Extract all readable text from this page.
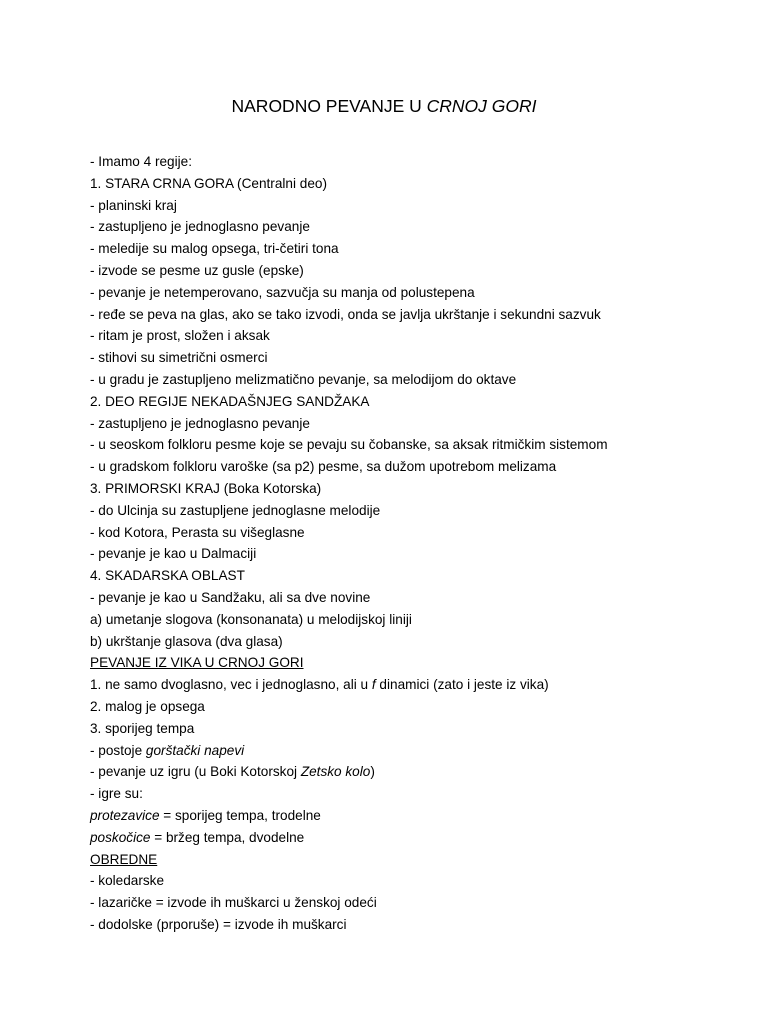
NARODNO PEVANJE U CRNOJ GORI
- Imamo 4 regije:
1. STARA CRNA GORA (Centralni deo)
- planinski kraj
- zastupljeno je jednoglasno pevanje
- meledije su malog opsega, tri-četiri tona
- izvode se pesme uz gusle (epske)
- pevanje je netemperovano, sazvučja su manja od polustepena
- ređe se peva na glas, ako se tako izvodi, onda se javlja ukrštanje i sekundni sazvuk
- ritam je prost, složen i aksak
- stihovi su simetrični osmerci
- u gradu je zastupljeno melizmatično pevanje, sa melodijom do oktave
2. DEO REGIJE NEKADAŠNJEG SANDŽAKA
- zastupljeno je jednoglasno pevanje
- u seoskom folkloru pesme koje se pevaju su čobanske, sa aksak ritmičkim sistemom
- u gradskom folkloru varoške (sa p2) pesme, sa dužom upotrebom melizama
3. PRIMORSKI KRAJ (Boka Kotorska)
- do Ulcinja su zastupljene jednoglasne melodije
- kod Kotora, Perasta su višeglasne
- pevanje je kao u Dalmaciji
4. SKADARSKA OBLAST
- pevanje je kao u Sandžaku, ali sa dve novine
a) umetanje slogova (konsonanata) u melodijskoj liniji
b) ukrštanje glasova (dva glasa)
PEVANJE IZ VIKA U CRNOJ GORI
1. ne samo dvoglasno, vec i jednoglasno, ali u f dinamici (zato i jeste iz vika)
2. malog je opsega
3. sporijeg tempa
- postoje gorštački napevi
- pevanje uz igru (u Boki Kotorskoj Zetsko kolo)
- igre su:
protezavice = sporijeg tempa, trodelne
poskočice = bržeg tempa, dvodelne
OBREDNE
- koledarske
- lazaričke = izvode ih muškarci u ženskoj odeći
- dodolske (prporuše) = izvode ih muškarci
